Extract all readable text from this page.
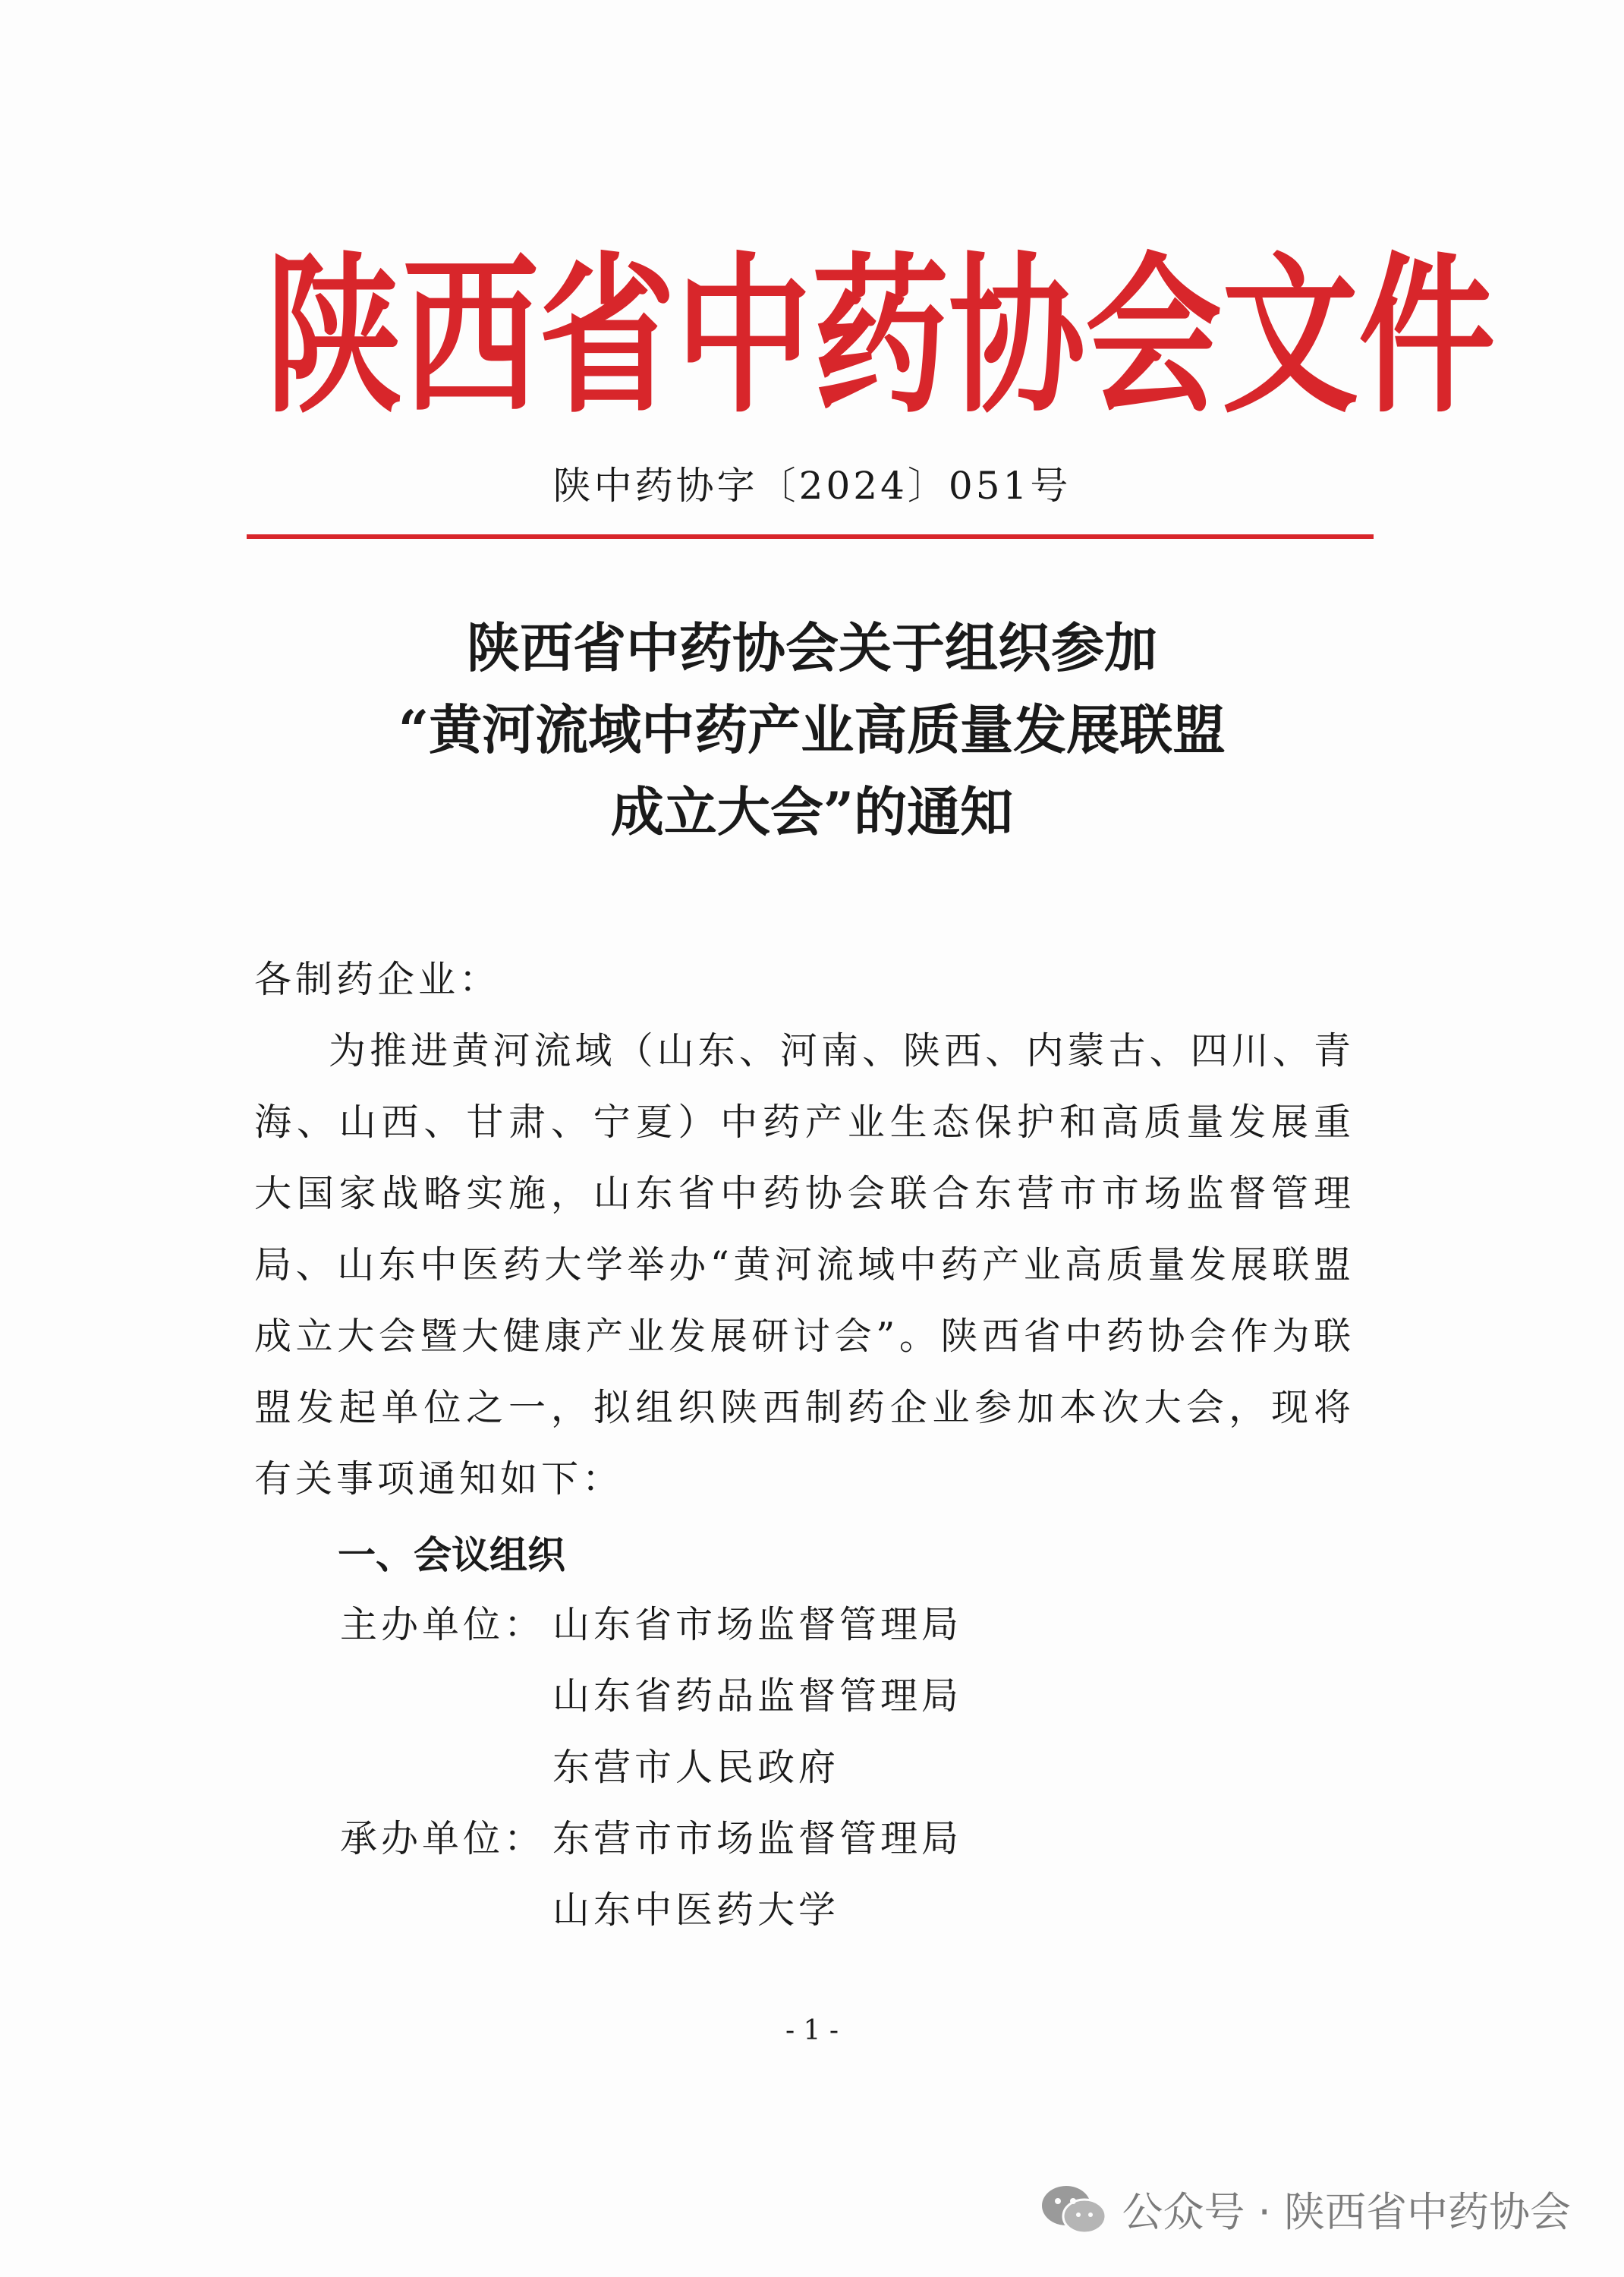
陕 西 省 中 药 协 会 文 件
陕中药协字〔2024〕051号
陕西省中药协会关于组织参加
“黄河流域中药产业高质量发展联盟
成立大会”的通知

各制药企业：

为推进黄河流域（山东、河南、陕西、内蒙古、四川、青海、山西、甘肃、宁夏）中药产业生态保护和高质量发展重大国家战略实施，山东省中药协会联合东营市市场监督管理局、山东中医药大学举办“黄河流域中药产业高质量发展联盟成立大会暨大健康产业发展研讨会”。陕西省中药协会作为联盟发起单位之一，拟组织陕西制药企业参加本次大会，现将有关事项通知如下：

一、会议组织
主办单位： 山东省市场监督管理局
山东省药品监督管理局
东营市人民政府
承办单位： 东营市市场监督管理局
山东中医药大学
- 1 -
公众号 · 陕西省中药协会
